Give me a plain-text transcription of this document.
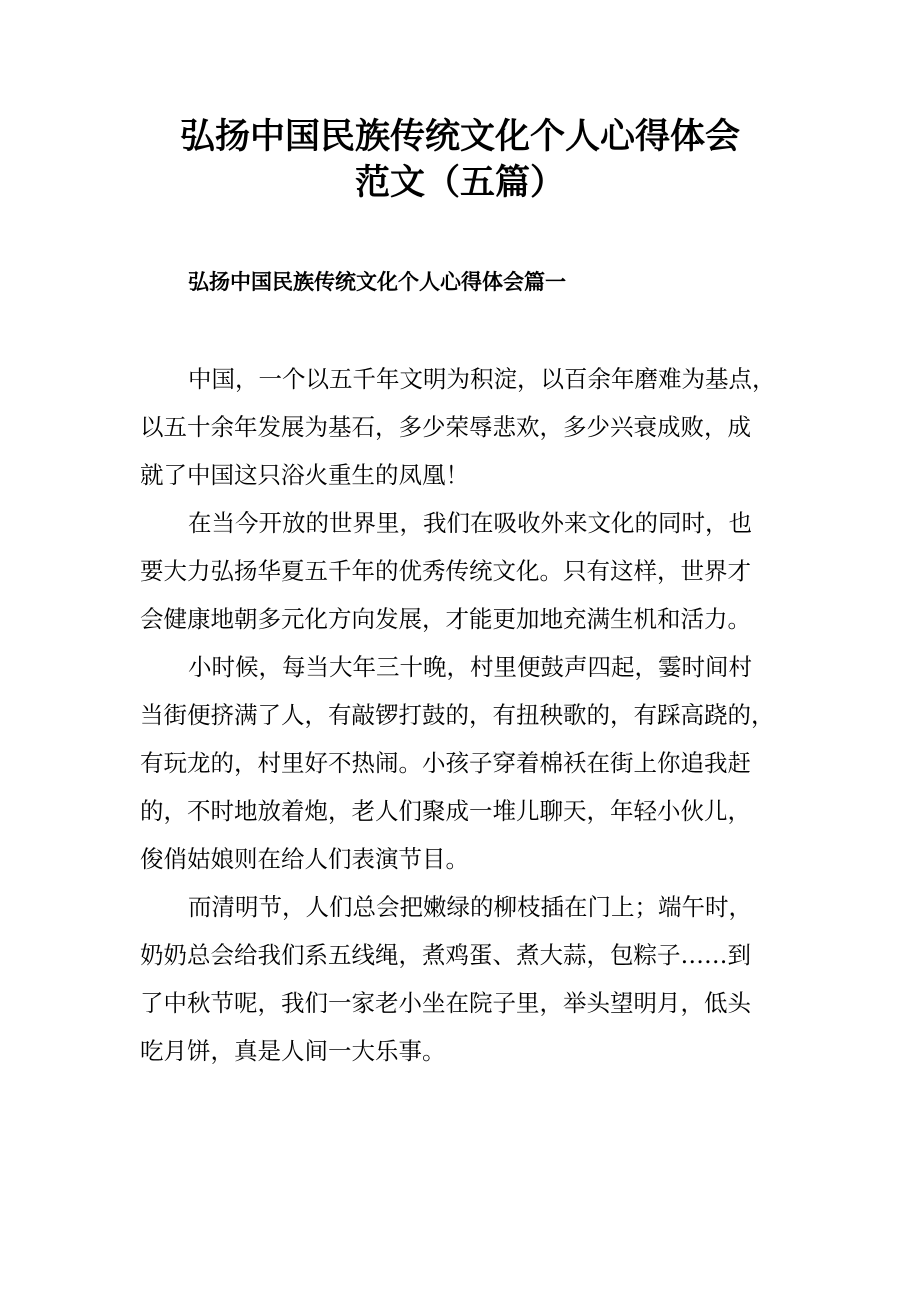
弘扬中国民族传统文化个人心得体会
范文（五篇）
弘扬中国民族传统文化个人心得体会篇一

中国，一个以五千年文明为积淀，以百余年磨难为基点，

以五十余年发展为基石，多少荣辱悲欢，多少兴衰成败，成

就了中国这只浴火重生的凤凰！

在当今开放的世界里，我们在吸收外来文化的同时，也

要大力弘扬华夏五千年的优秀传统文化。只有这样，世界才

会健康地朝多元化方向发展，才能更加地充满生机和活力。

小时候，每当大年三十晚，村里便鼓声四起，霎时间村

当街便挤满了人，有敲锣打鼓的，有扭秧歌的，有踩高跷的，

有玩龙的，村里好不热闹。小孩子穿着棉袄在街上你追我赶

的，不时地放着炮，老人们聚成一堆儿聊天，年轻小伙儿，

俊俏姑娘则在给人们表演节目。

而清明节，人们总会把嫩绿的柳枝插在门上；端午时，

奶奶总会给我们系五线绳，煮鸡蛋、煮大蒜，包粽子……到

了中秋节呢，我们一家老小坐在院子里，举头望明月，低头

吃月饼，真是人间一大乐事。
